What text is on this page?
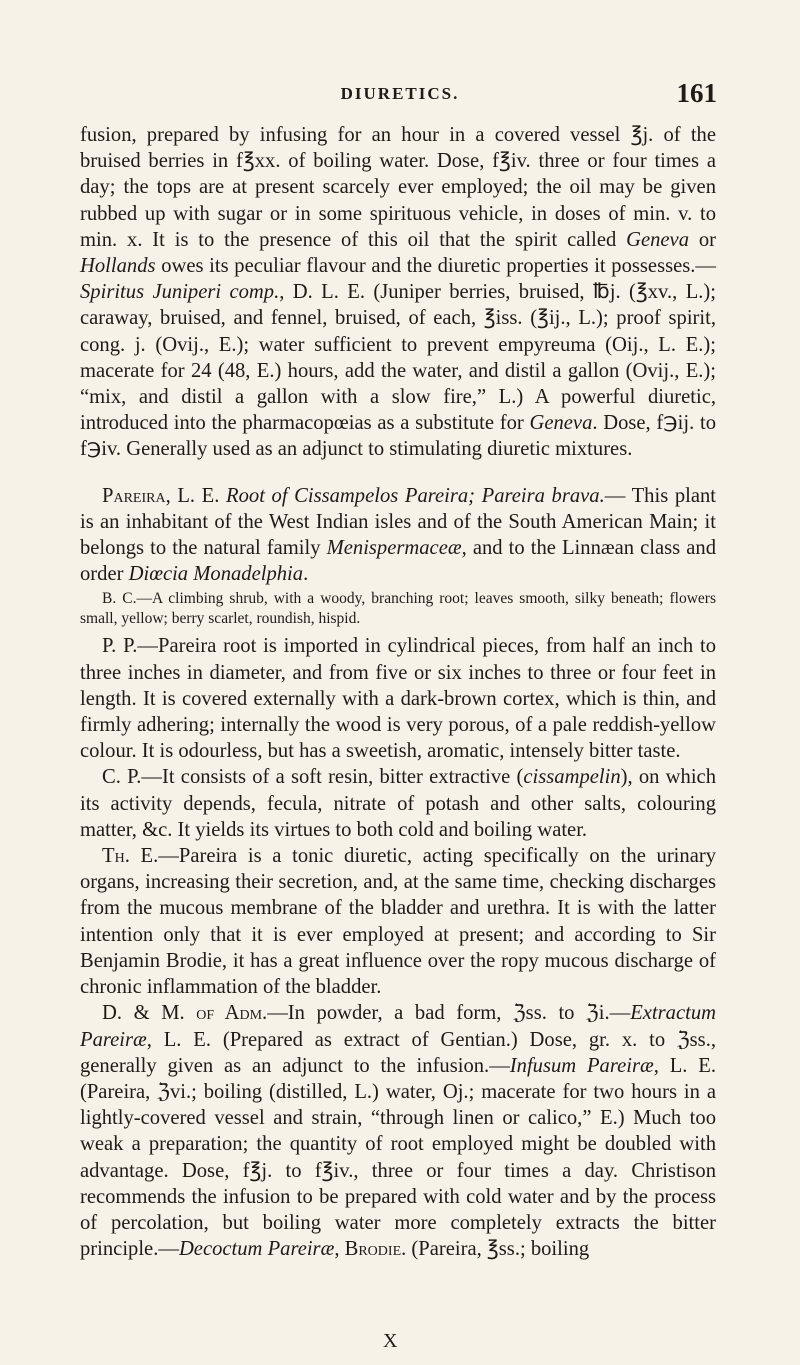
DIURETICS.	161

fusion, prepared by infusing for an hour in a covered vessel ℥j. of the bruised berries in f℥xx. of boiling water. Dose, f℥iv. three or four times a day; the tops are at present scarcely ever employed; the oil may be given rubbed up with sugar or in some spirituous vehicle, in doses of min. v. to min. x. It is to the presence of this oil that the spirit called Geneva or Hollands owes its peculiar flavour and the diuretic properties it possesses.—Spiritus Juniperi comp., D. L. E. (Juniper berries, bruised, ℔j. (℥xv., L.); caraway, bruised, and fennel, bruised, of each, ℥iss. (℥ij., L.); proof spirit, cong. j. (Ovij., E.); water sufficient to prevent empyreuma (Oij., L. E.); macerate for 24 (48, E.) hours, add the water, and distil a gallon (Ovij., E.); “mix, and distil a gallon with a slow fire,” L.) A powerful diuretic, introduced into the pharmacopœias as a substitute for Geneva. Dose, f℈ij. to f℈iv. Generally used as an adjunct to stimulating diuretic mixtures.

Pareira, L. E. Root of Cissampelos Pareira; Pareira brava.— This plant is an inhabitant of the West Indian isles and of the South American Main; it belongs to the natural family Menispermaceæ, and to the Linnæan class and order Diœcia Monadelphia.

B. C.—A climbing shrub, with a woody, branching root; leaves smooth, silky beneath; flowers small, yellow; berry scarlet, roundish, hispid.

P. P.—Pareira root is imported in cylindrical pieces, from half an inch to three inches in diameter, and from five or six inches to three or four feet in length. It is covered externally with a dark-brown cortex, which is thin, and firmly adhering; internally the wood is very porous, of a pale reddish-yellow colour. It is odourless, but has a sweetish, aromatic, intensely bitter taste.

C. P.—It consists of a soft resin, bitter extractive (cissampelin), on which its activity depends, fecula, nitrate of potash and other salts, colouring matter, &c. It yields its virtues to both cold and boiling water.

Th. E.—Pareira is a tonic diuretic, acting specifically on the urinary organs, increasing their secretion, and, at the same time, checking discharges from the mucous membrane of the bladder and urethra. It is with the latter intention only that it is ever employed at present; and according to Sir Benjamin Brodie, it has a great influence over the ropy mucous discharge of chronic inflammation of the bladder.

D. & M. of Adm.—In powder, a bad form, ℨss. to ℨi.—Extractum Pareiræ, L. E. (Prepared as extract of Gentian.) Dose, gr. x. to ℨss., generally given as an adjunct to the infusion.—Infusum Pareiræ, L. E. (Pareira, ℨvi.; boiling (distilled, L.) water, Oj.; macerate for two hours in a lightly-covered vessel and strain, “through linen or calico,” E.) Much too weak a preparation; the quantity of root employed might be doubled with advantage. Dose, f℥j. to f℥iv., three or four times a day. Christison recommends the infusion to be prepared with cold water and by the process of percolation, but boiling water more completely extracts the bitter principle.—Decoctum Pareiræ, Brodie. (Pareira, ℥ss.; boiling

X
